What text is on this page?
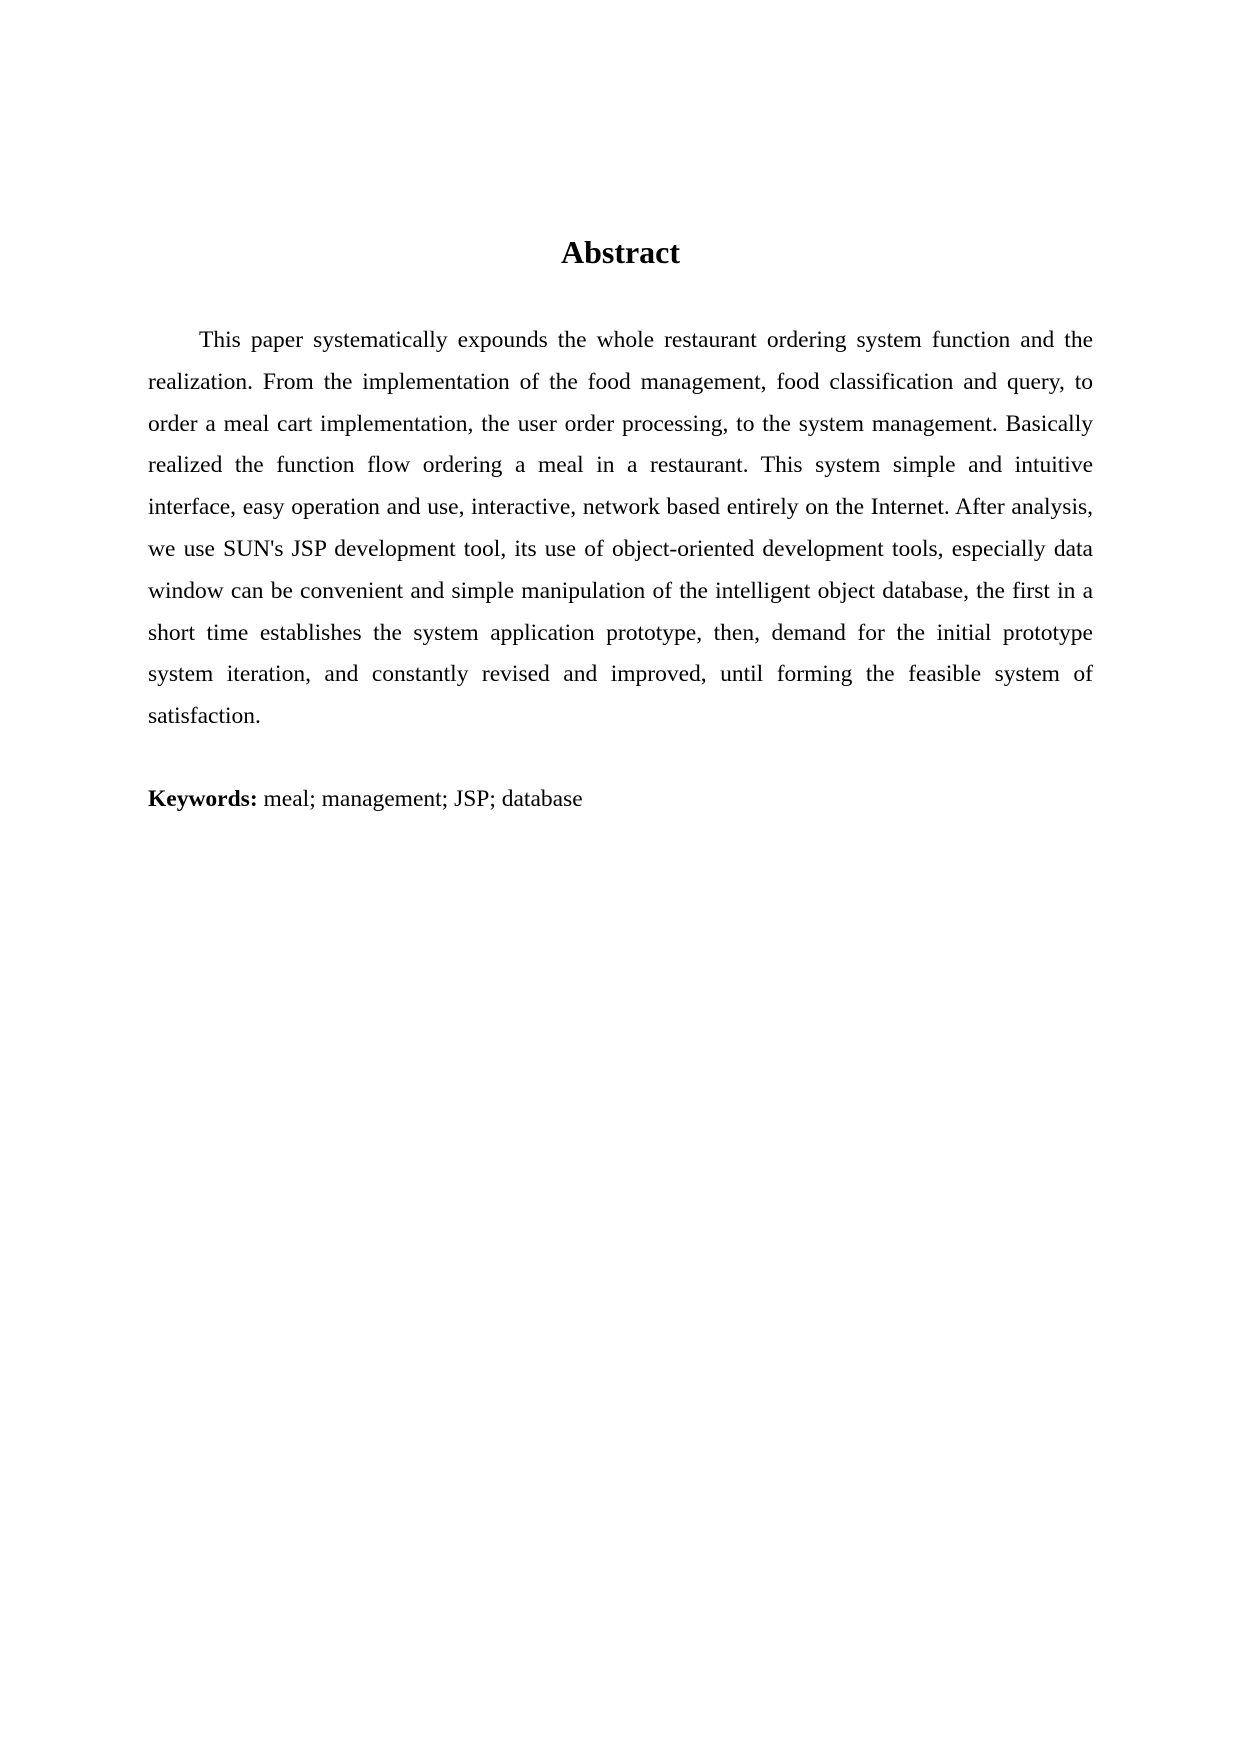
Abstract

This paper systematically expounds the whole restaurant ordering system function and the realization. From the implementation of the food management, food classification and query, to order a meal cart implementation, the user order processing, to the system management. Basically realized the function flow ordering a meal in a restaurant. This system simple and intuitive interface, easy operation and use, interactive, network based entirely on the Internet. After analysis, we use SUN's JSP development tool, its use of object-oriented development tools, especially data window can be convenient and simple manipulation of the intelligent object database, the first in a short time establishes the system application prototype, then, demand for the initial prototype system iteration, and constantly revised and improved, until forming the feasible system of satisfaction.

Keywords: meal; management; JSP; database
